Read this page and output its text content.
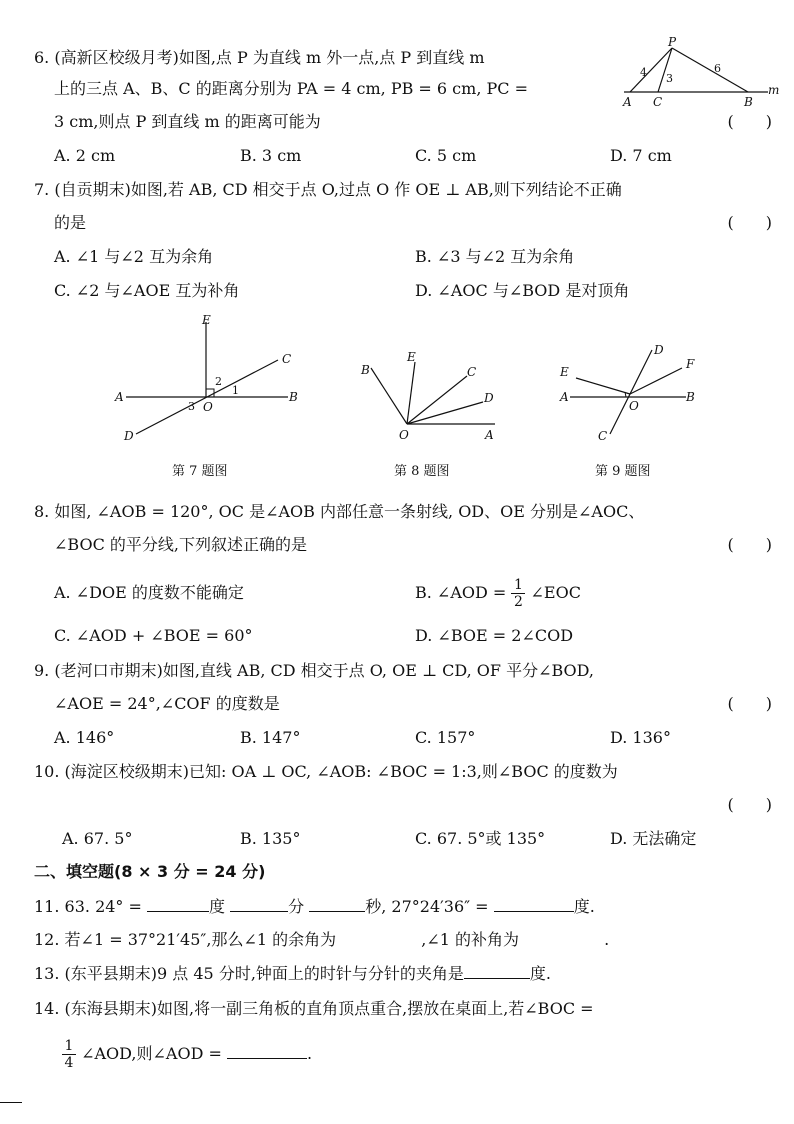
6. (高新区校级月考)如图,点 P 为直线 m 外一点,点 P 到直线 m
上的三点 A、B、C 的距离分别为 PA = 4 cm, PB = 6 cm, PC =
3 cm,则点 P 到直线 m 的距离可能为	(　　)
A. 2 cm	B. 3 cm	C. 5 cm	D. 7 cm
P
A C	B
m
4 3
6
7. (自贡期末)如图,若 AB, CD 相交于点 O,过点 O 作 OE ⊥ AB,则下列结论不正确
的是	(　　)
A. ∠1 与∠2 互为余角	B. ∠3 与∠2 互为余角
C. ∠2 与∠AOE 互为补角	D. ∠AOC 与∠BOD 是对顶角
E
C
A	B
D
O
1
2
3
第 7 题图
B
E
C
D
O	A
第 8 题图
D
F
E
A
O
B
C
第 9 题图
8. 如图, ∠AOB = 120°, OC 是∠AOB 内部任意一条射线, OD、OE 分别是∠AOC、
∠BOC 的平分线,下列叙述正确的是	(　　)
A. ∠DOE 的度数不能确定	B. ∠AOD = $\frac{1}{2}$ ∠EOC
C. ∠AOD + ∠BOE = 60°	D. ∠BOE = 2∠COD
9. (老河口市期末)如图,直线 AB, CD 相交于点 O, OE ⊥ CD, OF 平分∠BOD,
∠AOE = 24°,∠COF 的度数是	(　　)
A. 146°	B. 147°	C. 157°	D. 136°
10. (海淀区校级期末)已知: OA ⊥ OC, ∠AOB: ∠BOC = 1:3,则∠BOC 的度数为
(　　)
A. 67. 5°	B. 135°	C. 67. 5°或 135°	D. 无法确定
二、填空题(8 × 3 分 = 24 分)
11. 63. 24° =	度	分	秒, 27°24′36″ =	度.
12. 若∠1 = 37°21′45″,那么∠1 的余角为	,∠1 的补角为	.
13. (东平县期末)9 点 45 分时,钟面上的时针与分针的夹角是	度.
14. (东海县期末)如图,将一副三角板的直角顶点重合,摆放在桌面上,若∠BOC =
$\frac{1}{4}$ ∠AOD,则∠AOD =	.
